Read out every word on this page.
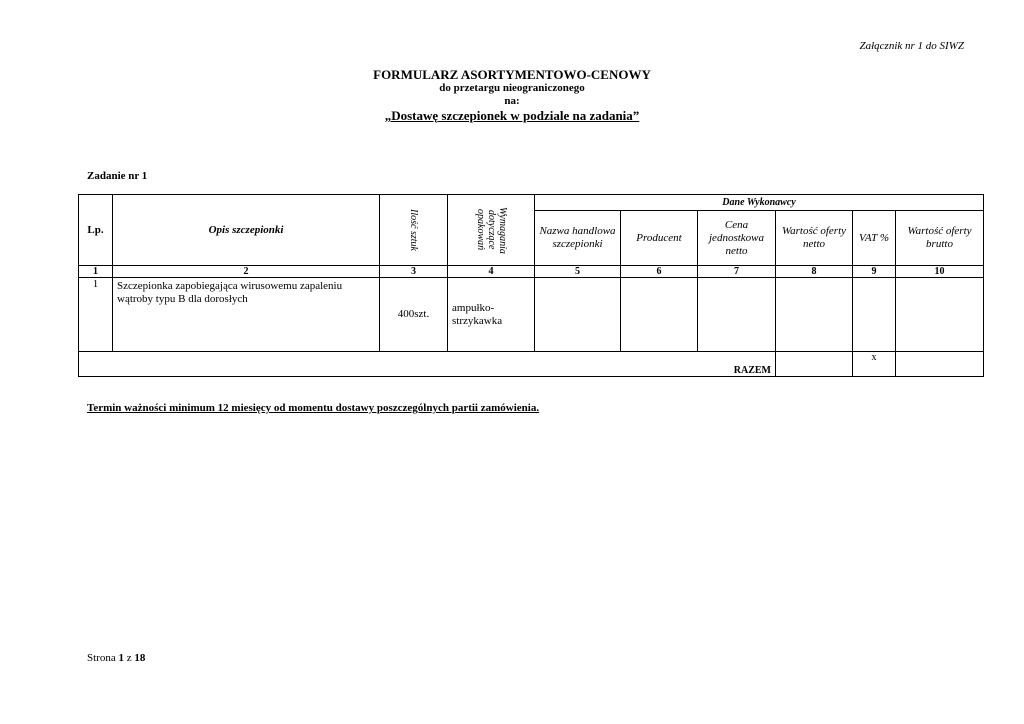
Załącznik nr 1 do SIWZ
FORMULARZ ASORTYMENTOWO-CENOWY
do przetargu nieograniczonego
na:
„Dostawę szczepionek w podziale na zadania”
Zadanie nr 1
Lp.	Opis szczepionki	Ilość sztuk	Wymagania dotyczące opakowań	Dane Wykonawcy					
				Nazwa handlowa szczepionki	Producent	Cena jednostkowa netto	Wartość oferty netto	VAT %	Wartość oferty brutto
1	2	3	4	5	6	7	8	9	10
1	Szczepionka zapobiegająca wirusowemu zapaleniu wątroby typu B dla dorosłych	400szt.	ampułko-strzykawka						
RAZEM								x	
Termin ważności minimum 12 miesięcy od momentu dostawy poszczególnych partii zamówienia.
Strona 1 z 18
